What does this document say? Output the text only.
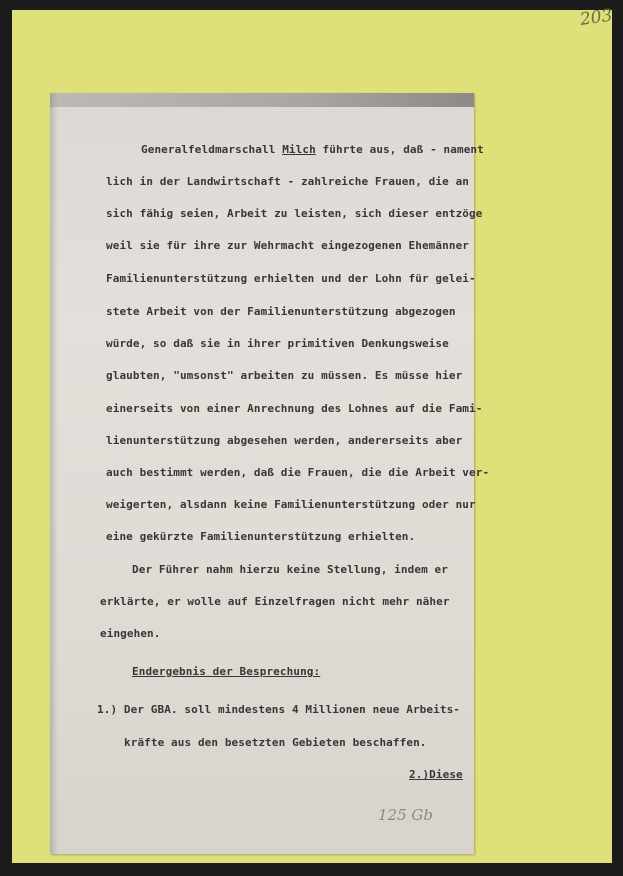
203
Generalfeldmarschall Milch führte aus, daß - nament
lich in der Landwirtschaft - zahlreiche Frauen, die an
sich fähig seien, Arbeit zu leisten, sich dieser entzöge
weil sie für ihre zur Wehrmacht eingezogenen Ehemänner
Familienunterstützung erhielten und der Lohn für gelei-
stete Arbeit von der Familienunterstützung abgezogen
würde, so daß sie in ihrer primitiven Denkungsweise
glaubten, "umsonst" arbeiten zu müssen. Es müsse hier
einerseits von einer Anrechnung des Lohnes auf die Fami-
lienunterstützung abgesehen werden, andererseits aber
auch bestimmt werden, daß die Frauen, die die Arbeit ver-
weigerten, alsdann keine Familienunterstützung oder nur
eine gekürzte Familienunterstützung erhielten.
Der Führer nahm hierzu keine Stellung, indem er
erklärte, er wolle auf Einzelfragen nicht mehr näher
eingehen.
Endergebnis der Besprechung:
1.) Der GBA. soll mindestens 4 Millionen neue Arbeits-
kräfte aus den besetzten Gebieten beschaffen.
2.)Diese
125 Gb
